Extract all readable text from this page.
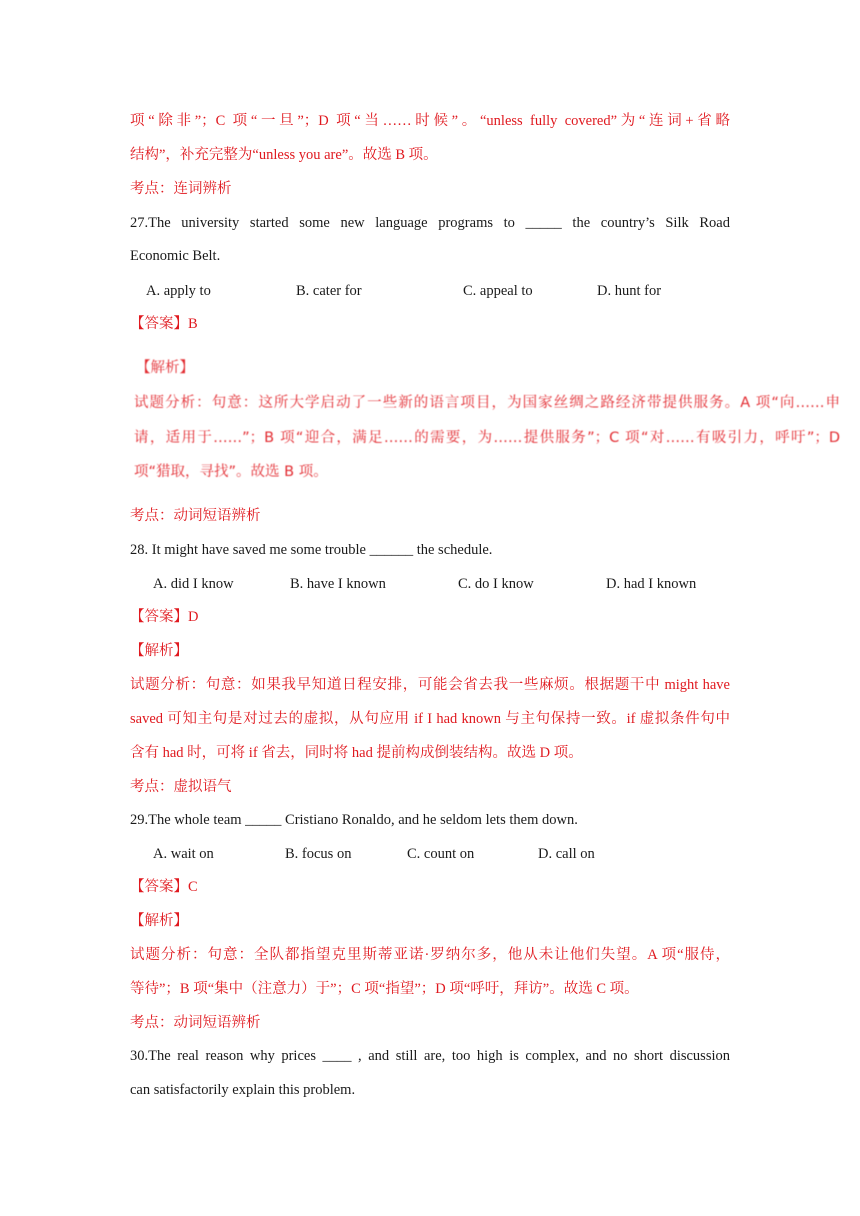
项“除非”；C 项“一旦”；D 项“当……时候”。“unless fully covered”为“连词+省略
结构”，补充完整为“unless you are”。故选 B 项。
考点：连词辨析
27.The university started some new language programs to _____ the country’s Silk Road
Economic Belt.
A. apply to	B. cater for	C. appeal to	D. hunt for
【答案】B
【解析】
试题分析：句意：这所大学启动了一些新的语言项目，为国家丝绸之路经济带提供服务。A 项“向……申
请，适用于……”；B 项“迎合，满足……的需要，为……提供服务”；C 项“对……有吸引力，呼吁”；D
项“猎取，寻找”。故选 B 项。
考点：动词短语辨析
28. It might have saved me some trouble ______ the schedule.
A. did I know	B. have I known	C. do I know	D. had I known
【答案】D
【解析】
试题分析：句意：如果我早知道日程安排，可能会省去我一些麻烦。根据题干中 might have
saved 可知主句是对过去的虚拟，从句应用 if I had known 与主句保持一致。if 虚拟条件句中
含有 had 时，可将 if 省去，同时将 had 提前构成倒装结构。故选 D 项。
考点：虚拟语气
29.The whole team _____ Cristiano Ronaldo, and he seldom lets them down.
A. wait on	B. focus on	C. count on	D. call on
【答案】C
【解析】
试题分析：句意：全队都指望克里斯蒂亚诺·罗纳尔多，他从未让他们失望。A 项“服侍，
等待”；B 项“集中（注意力）于”；C 项“指望”；D 项“呼吁，拜访”。故选 C 项。
考点：动词短语辨析
30.The real reason why prices ____ , and still are, too high is complex, and no short discussion
can satisfactorily explain this problem.
